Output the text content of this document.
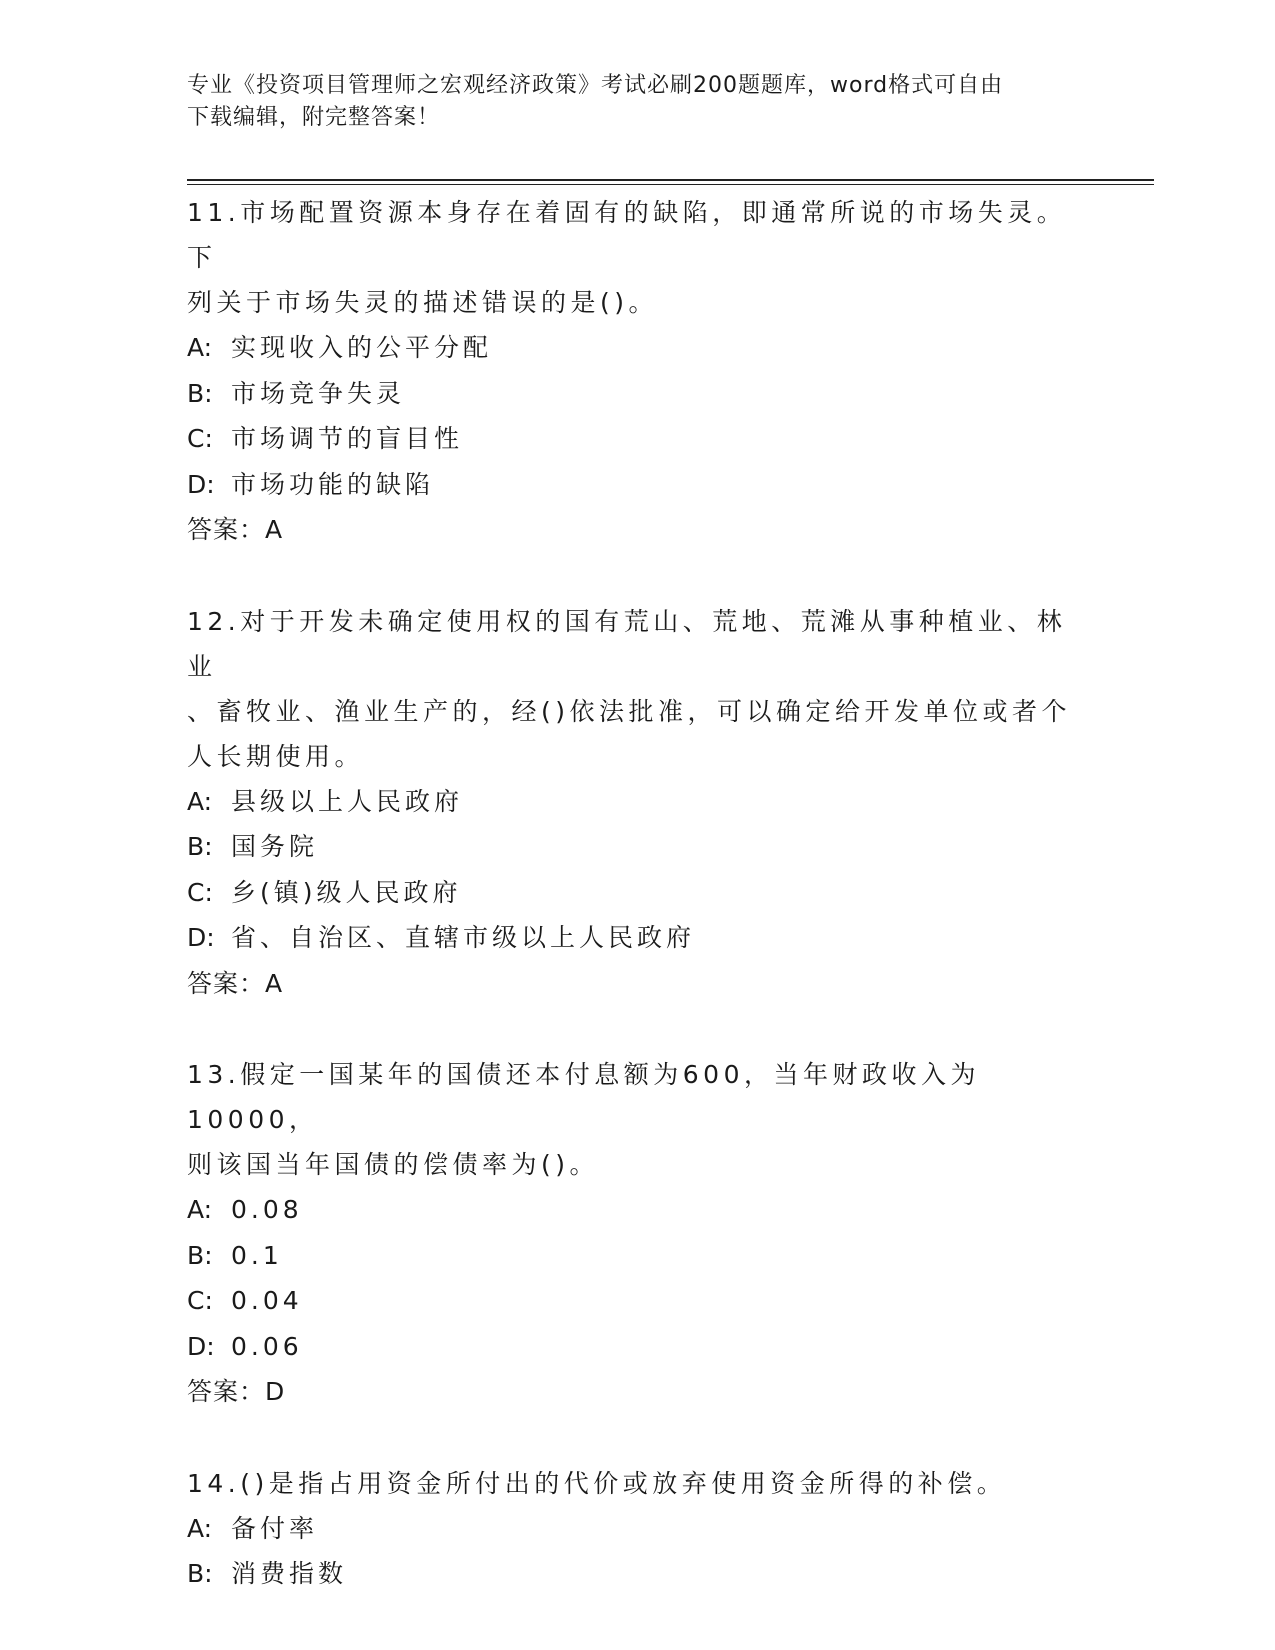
专业《投资项目管理师之宏观经济政策》考试必刷200题题库，word格式可自由
下载编辑，附完整答案！
11.市场配置资源本身存在着固有的缺陷，即通常所说的市场失灵。下
列关于市场失灵的描述错误的是()。
A: 实现收入的公平分配
B: 市场竞争失灵
C: 市场调节的盲目性
D: 市场功能的缺陷
答案：A
12.对于开发未确定使用权的国有荒山、荒地、荒滩从事种植业、林业
、畜牧业、渔业生产的，经()依法批准，可以确定给开发单位或者个
人长期使用。
A: 县级以上人民政府
B: 国务院
C: 乡(镇)级人民政府
D: 省、自治区、直辖市级以上人民政府
答案：A
13.假定一国某年的国债还本付息额为600，当年财政收入为10000，
则该国当年国债的偿债率为()。
A: 0.08
B: 0.1
C: 0.04
D: 0.06
答案：D
14.()是指占用资金所付出的代价或放弃使用资金所得的补偿。
A: 备付率
B: 消费指数
